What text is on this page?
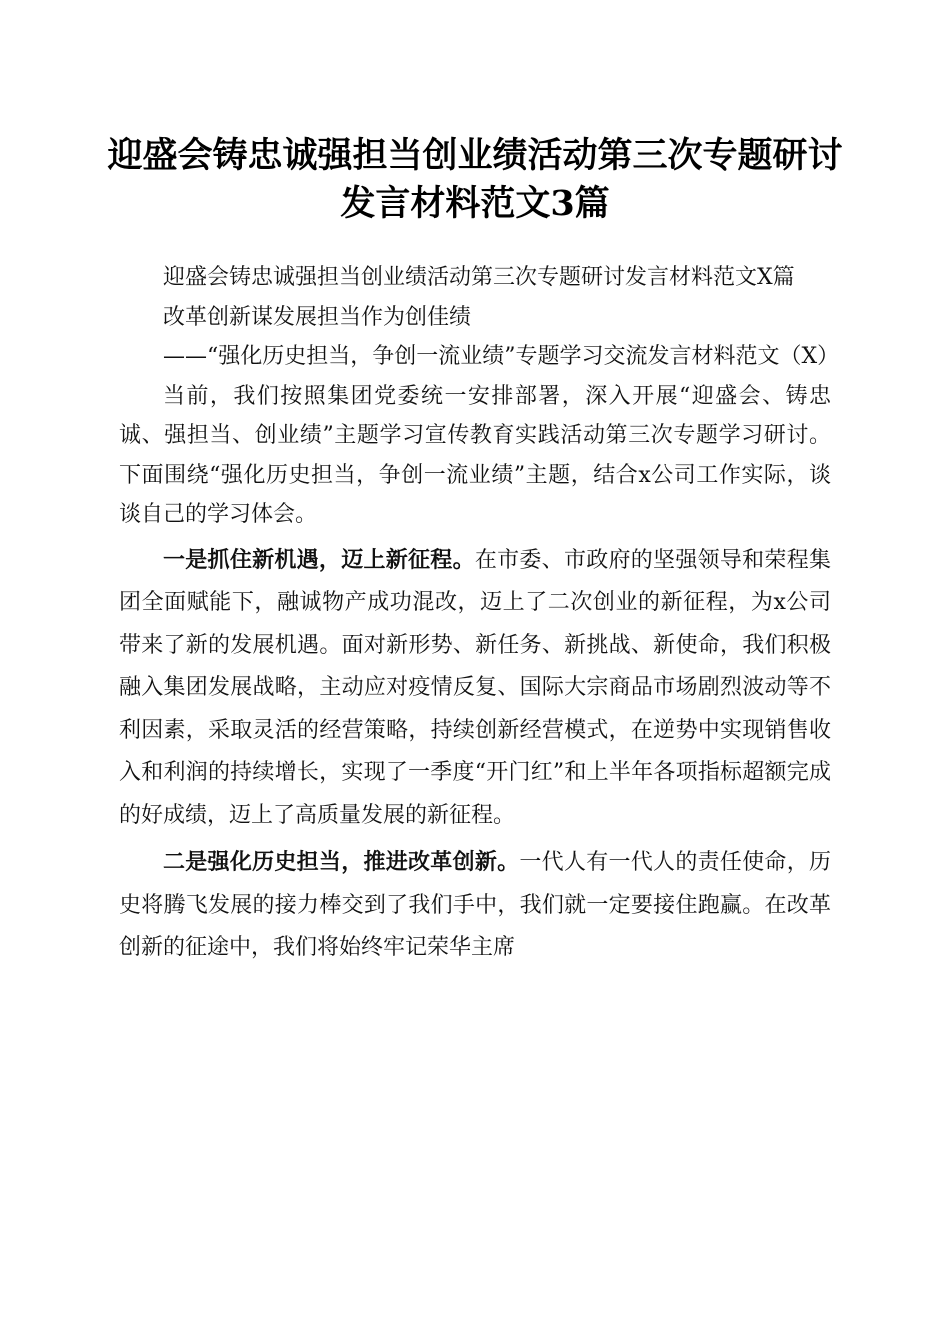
迎盛会铸忠诚强担当创业绩活动第三次专题研讨发言材料范文3篇

迎盛会铸忠诚强担当创业绩活动第三次专题研讨发言材料范文X篇

改革创新谋发展担当作为创佳绩

——“强化历史担当，争创一流业绩”专题学习交流发言材料范文（X）

当前，我们按照集团党委统一安排部署，深入开展“迎盛会、铸忠诚、强担当、创业绩”主题学习宣传教育实践活动第三次专题学习研讨。下面围绕“强化历史担当，争创一流业绩”主题，结合x公司工作实际，谈谈自己的学习体会。

一是抓住新机遇，迈上新征程。在市委、市政府的坚强领导和荣程集团全面赋能下，融诚物产成功混改，迈上了二次创业的新征程，为x公司带来了新的发展机遇。面对新形势、新任务、新挑战、新使命，我们积极融入集团发展战略，主动应对疫情反复、国际大宗商品市场剧烈波动等不利因素，采取灵活的经营策略，持续创新经营模式，在逆势中实现销售收入和利润的持续增长，实现了一季度“开门红”和上半年各项指标超额完成的好成绩，迈上了高质量发展的新征程。

二是强化历史担当，推进改革创新。一代人有一代人的责任使命，历史将腾飞发展的接力棒交到了我们手中，我们就一定要接住跑赢。在改革创新的征途中，我们将始终牢记荣华主席
